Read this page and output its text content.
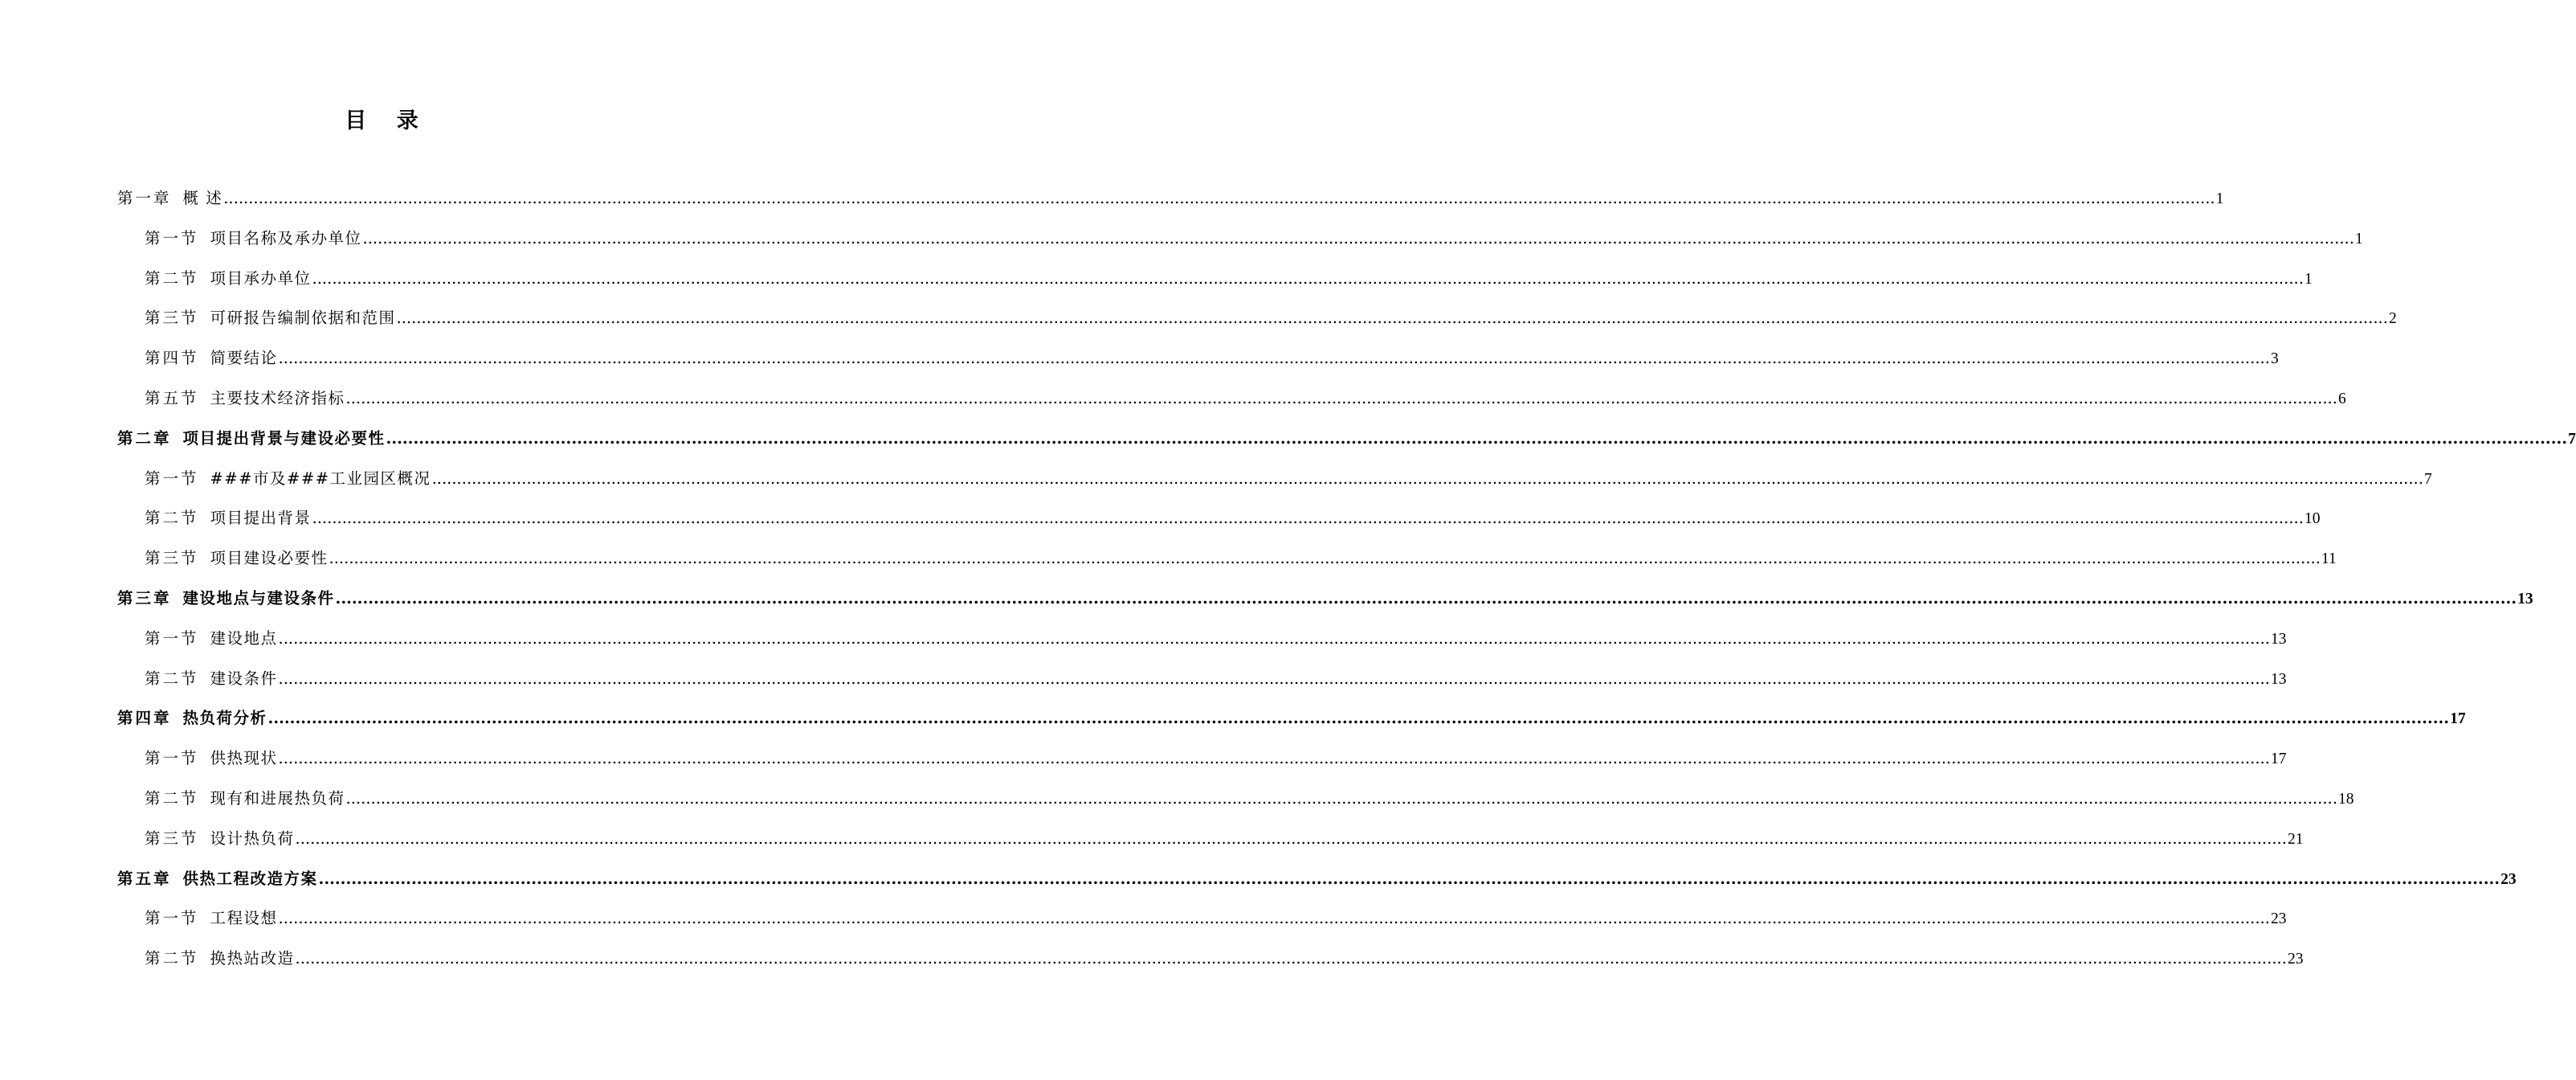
目 录
第一章 概 述 ................................................................................................................................................................................................................................................................................................................................................................................................................ 1
第一节 项目名称及承办单位 ................................................................................................................................................................................................................................................................................................................................................................................................................ 1
第二节 项目承办单位 ................................................................................................................................................................................................................................................................................................................................................................................................................ 1
第三节 可研报告编制依据和范围 ................................................................................................................................................................................................................................................................................................................................................................................................................ 2
第四节 简要结论 ................................................................................................................................................................................................................................................................................................................................................................................................................ 3
第五节 主要技术经济指标 ................................................................................................................................................................................................................................................................................................................................................................................................................ 6
第二章 项目提出背景与建设必要性 ................................................................................................................................................................................................................................................................................................................................................................................................................ 7
第一节 ###市及###工业园区概况 ................................................................................................................................................................................................................................................................................................................................................................................................................ 7
第二节 项目提出背景 ................................................................................................................................................................................................................................................................................................................................................................................................................ 10
第三节 项目建设必要性 ................................................................................................................................................................................................................................................................................................................................................................................................................ 11
第三章 建设地点与建设条件 ................................................................................................................................................................................................................................................................................................................................................................................................................ 13
第一节 建设地点 ................................................................................................................................................................................................................................................................................................................................................................................................................ 13
第二节 建设条件 ................................................................................................................................................................................................................................................................................................................................................................................................................ 13
第四章 热负荷分析 ................................................................................................................................................................................................................................................................................................................................................................................................................ 17
第一节 供热现状 ................................................................................................................................................................................................................................................................................................................................................................................................................ 17
第二节 现有和进展热负荷 ................................................................................................................................................................................................................................................................................................................................................................................................................ 18
第三节 设计热负荷 ................................................................................................................................................................................................................................................................................................................................................................................................................ 21
第五章 供热工程改造方案 ................................................................................................................................................................................................................................................................................................................................................................................................................ 23
第一节 工程设想 ................................................................................................................................................................................................................................................................................................................................................................................................................ 23
第二节 换热站改造 ................................................................................................................................................................................................................................................................................................................................................................................................................ 23
